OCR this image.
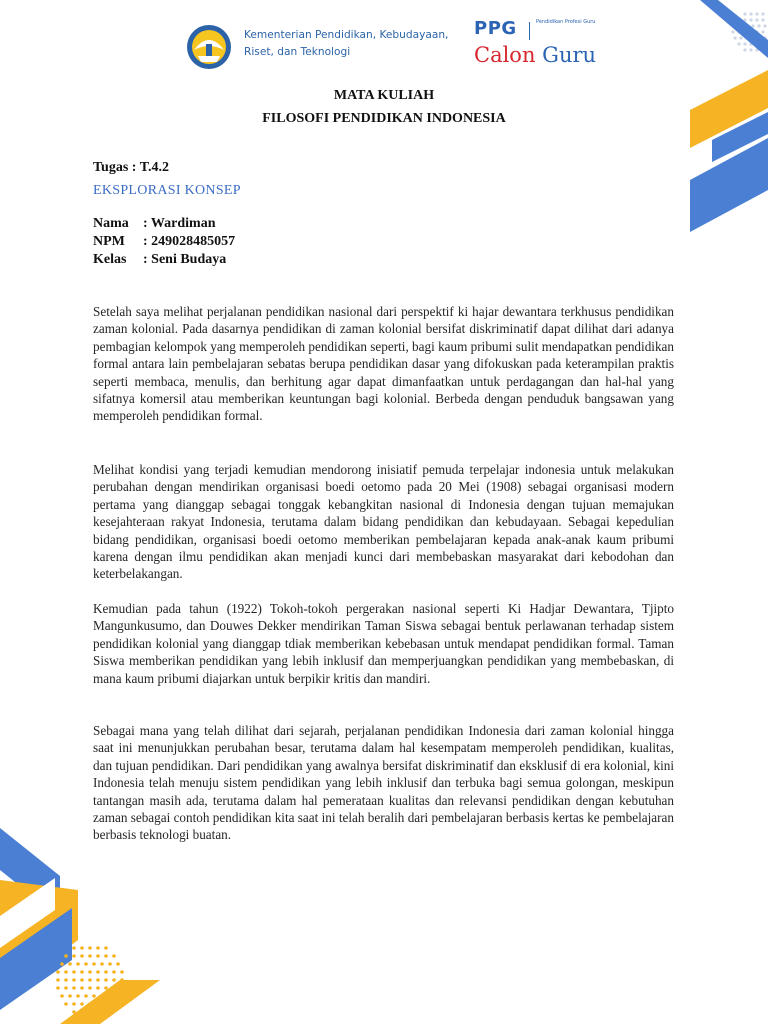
Kementerian Pendidikan, Kebudayaan, Riset, dan Teknologi
PPG	Pendidikan Profesi Guru
Calon Guru
MATA KULIAH
FILOSOFI PENDIDIKAN INDONESIA
Tugas : T.4.2
EKSPLORASI KONSEP
Nama : Wardiman
NPM : 249028485057
Kelas : Seni Budaya

Setelah saya melihat perjalanan pendidikan nasional dari perspektif ki hajar dewantara terkhusus pendidikan zaman kolonial. Pada dasarnya pendidikan di zaman kolonial bersifat diskriminatif dapat dilihat dari adanya pembagian kelompok yang memperoleh pendidikan seperti, bagi kaum pribumi sulit mendapatkan pendidikan formal antara lain pembelajaran sebatas berupa pendidikan dasar yang difokuskan pada keterampilan praktis seperti membaca, menulis, dan berhitung agar dapat dimanfaatkan untuk perdagangan dan hal-hal yang sifatnya komersil atau memberikan keuntungan bagi kolonial. Berbeda dengan penduduk bangsawan yang memperoleh pendidikan formal.

Melihat kondisi yang terjadi kemudian mendorong inisiatif pemuda terpelajar indonesia untuk melakukan perubahan dengan mendirikan organisasi boedi oetomo pada 20 Mei (1908) sebagai organisasi modern pertama yang dianggap sebagai tonggak kebangkitan nasional di Indonesia dengan tujuan memajukan kesejahteraan rakyat Indonesia, terutama dalam bidang pendidikan dan kebudayaan. Sebagai kepedulian bidang pendidikan, organisasi boedi oetomo memberikan pembelajaran kepada anak-anak kaum pribumi karena dengan ilmu pendidikan akan menjadi kunci dari membebaskan masyarakat dari kebodohan dan keterbelakangan.

Kemudian pada tahun (1922) Tokoh-tokoh pergerakan nasional seperti Ki Hadjar Dewantara, Tjipto Mangunkusumo, dan Douwes Dekker mendirikan Taman Siswa sebagai bentuk perlawanan terhadap sistem pendidikan kolonial yang dianggap tdiak memberikan kebebasan untuk mendapat pendidikan formal. Taman Siswa memberikan pendidikan yang lebih inklusif dan memperjuangkan pendidikan yang membebaskan, di mana kaum pribumi diajarkan untuk berpikir kritis dan mandiri.

Sebagai mana yang telah dilihat dari sejarah, perjalanan pendidikan Indonesia dari zaman kolonial hingga saat ini menunjukkan perubahan besar, terutama dalam hal kesempatam memperoleh pendidikan, kualitas, dan tujuan pendidikan. Dari pendidikan yang awalnya bersifat diskriminatif dan eksklusif di era kolonial, kini Indonesia telah menuju sistem pendidikan yang lebih inklusif dan terbuka bagi semua golongan, meskipun tantangan masih ada, terutama dalam hal pemerataan kualitas dan relevansi pendidikan dengan kebutuhan zaman sebagai contoh pendidikan kita saat ini telah beralih dari pembelajaran berbasis kertas ke pembelajaran berbasis teknologi buatan.
